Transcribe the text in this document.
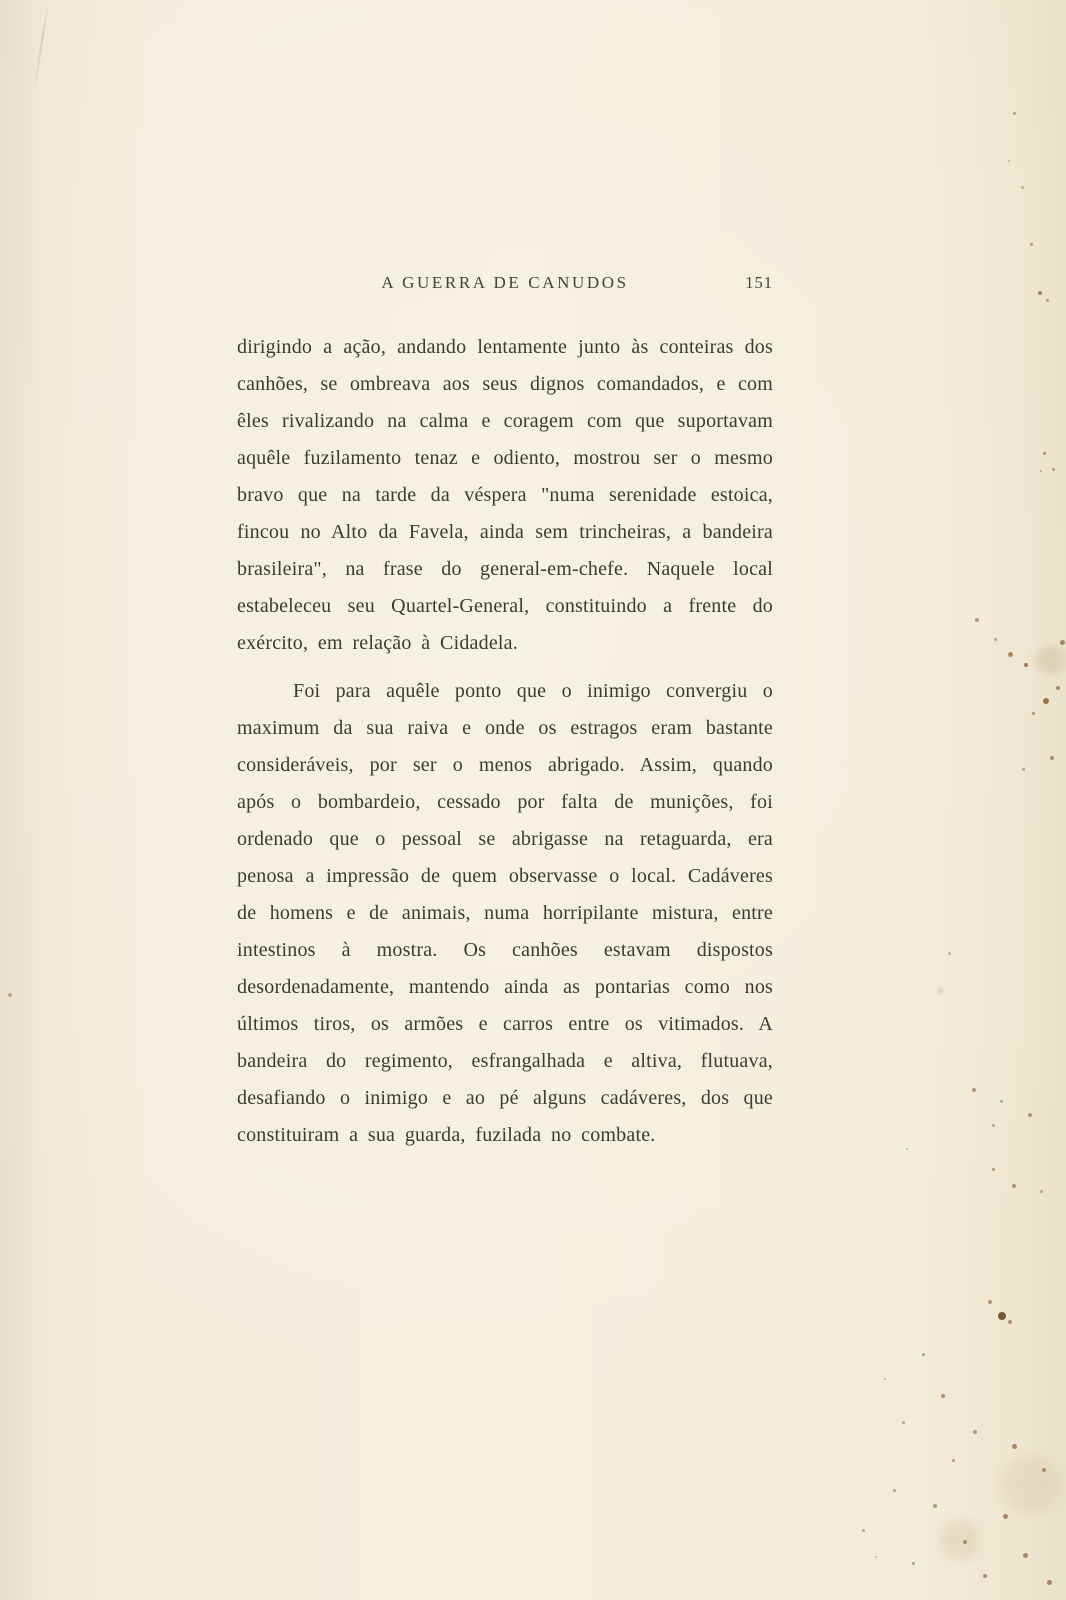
A GUERRA DE CANUDOS	151

dirigindo a ação, andando lentamente junto às conteiras dos canhões, se ombreava aos seus dignos comandados, e com êles rivalizando na calma e coragem com que suportavam aquêle fuzilamento tenaz e odiento, mostrou ser o mesmo bravo que na tarde da véspera "numa serenidade estoica, fincou no Alto da Favela, ainda sem trincheiras, a bandeira brasileira", na frase do general-em-chefe. Naquele local estabeleceu seu Quartel-General, constituindo a frente do exército, em relação à Cidadela.

Foi para aquêle ponto que o inimigo convergiu o maximum da sua raiva e onde os estragos eram bastante consideráveis, por ser o menos abrigado. Assim, quando após o bombardeio, cessado por falta de munições, foi ordenado que o pessoal se abrigasse na retaguarda, era penosa a impressão de quem observasse o local. Cadáveres de homens e de animais, numa horripilante mistura, entre intestinos à mostra. Os canhões estavam dispostos desordenadamente, mantendo ainda as pontarias como nos últimos tiros, os armões e carros entre os vitimados. A bandeira do regimento, esfrangalhada e altiva, flutuava, desafiando o inimigo e ao pé alguns cadáveres, dos que constituiram a sua guarda, fuzilada no combate.
